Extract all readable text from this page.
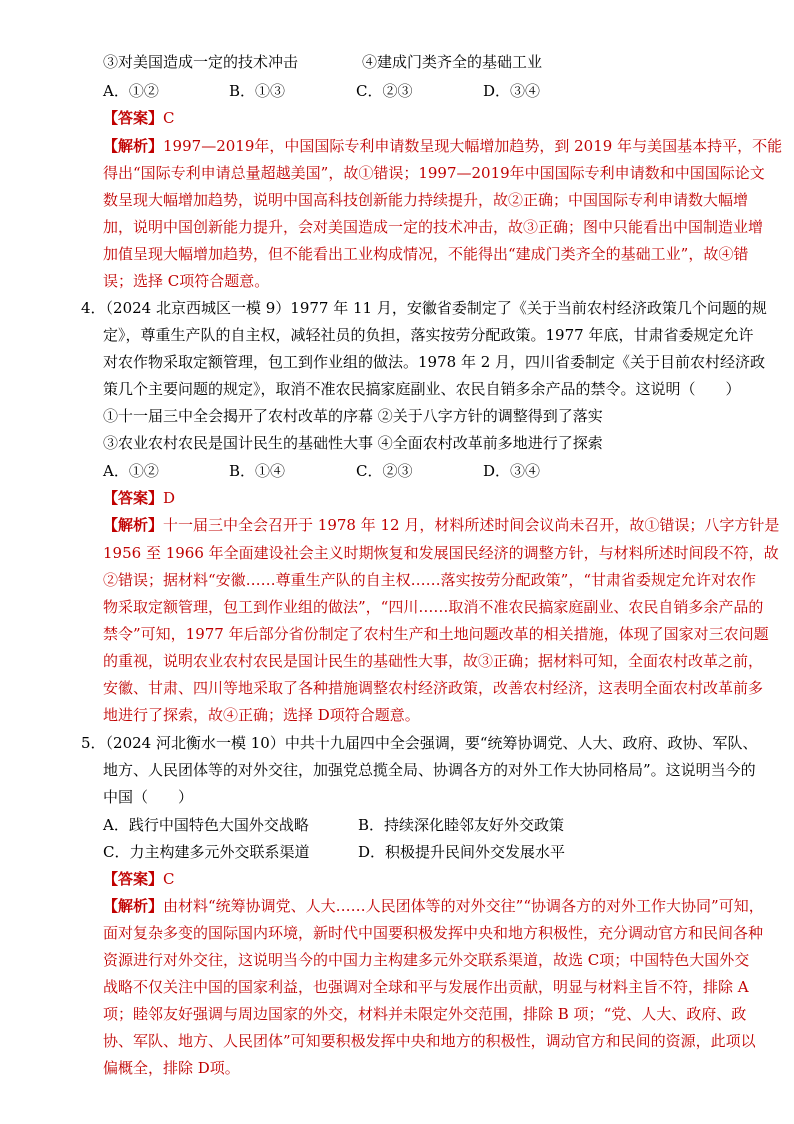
③对美国造成一定的技术冲击	④建成门类齐全的基础工业
A．①②	B．①③	C．②③	D．③④
【答案】C
【解析】1997—2019年，中国国际专利申请数呈现大幅增加趋势，到 2019 年与美国基本持平，不能
得出“国际专利申请总量超越美国”，故①错误；1997—2019年中国国际专利申请数和中国国际论文
数呈现大幅增加趋势，说明中国高科技创新能力持续提升，故②正确；中国国际专利申请数大幅增
加，说明中国创新能力提升，会对美国造成一定的技术冲击，故③正确；图中只能看出中国制造业增
加值呈现大幅增加趋势，但不能看出工业构成情况，不能得出“建成门类齐全的基础工业”，故④错
误；选择 C项符合题意。
4．（2024 北京西城区一模 9）1977 年 11 月，安徽省委制定了《关于当前农村经济政策几个问题的规
定》，尊重生产队的自主权，减轻社员的负担，落实按劳分配政策。1977 年底，甘肃省委规定允许
对农作物采取定额管理，包工到作业组的做法。1978 年 2 月，四川省委制定《关于目前农村经济政
策几个主要问题的规定》，取消不准农民搞家庭副业、农民自销多余产品的禁令。这说明（　　）
①十一届三中全会揭开了农村改革的序幕 ②关于八字方针的调整得到了落实
③农业农村农民是国计民生的基础性大事 ④全面农村改革前多地进行了探索
A．①②	B．①④	C．②③	D．③④
【答案】D
【解析】十一届三中全会召开于 1978 年 12 月，材料所述时间会议尚未召开，故①错误；八字方针是
1956 至 1966 年全面建设社会主义时期恢复和发展国民经济的调整方针，与材料所述时间段不符，故
②错误；据材料“安徽……尊重生产队的自主权……落实按劳分配政策”，“甘肃省委规定允许对农作
物采取定额管理，包工到作业组的做法”，“四川……取消不准农民搞家庭副业、农民自销多余产品的
禁令”可知，1977 年后部分省份制定了农村生产和土地问题改革的相关措施，体现了国家对三农问题
的重视，说明农业农村农民是国计民生的基础性大事，故③正确；据材料可知，全面农村改革之前，
安徽、甘肃、四川等地采取了各种措施调整农村经济政策，改善农村经济，这表明全面农村改革前多
地进行了探索，故④正确；选择 D项符合题意。
5．（2024 河北衡水一模 10）中共十九届四中全会强调，要“统筹协调党、人大、政府、政协、军队、
地方、人民团体等的对外交往，加强党总揽全局、协调各方的对外工作大协同格局”。这说明当今的
中国（　　）
A．践行中国特色大国外交战略	B．持续深化睦邻友好外交政策
C．力主构建多元外交联系渠道	D．积极提升民间外交发展水平
【答案】C
【解析】由材料“统筹协调党、人大……人民团体等的对外交往”“协调各方的对外工作大协同”可知，
面对复杂多变的国际国内环境，新时代中国要积极发挥中央和地方积极性，充分调动官方和民间各种
资源进行对外交往，这说明当今的中国力主构建多元外交联系渠道，故选 C项；中国特色大国外交
战略不仅关注中国的国家利益，也强调对全球和平与发展作出贡献，明显与材料主旨不符，排除 A
项；睦邻友好强调与周边国家的外交，材料并未限定外交范围，排除 B 项；“党、人大、政府、政
协、军队、地方、人民团体”可知要积极发挥中央和地方的积极性，调动官方和民间的资源，此项以
偏概全，排除 D项。
